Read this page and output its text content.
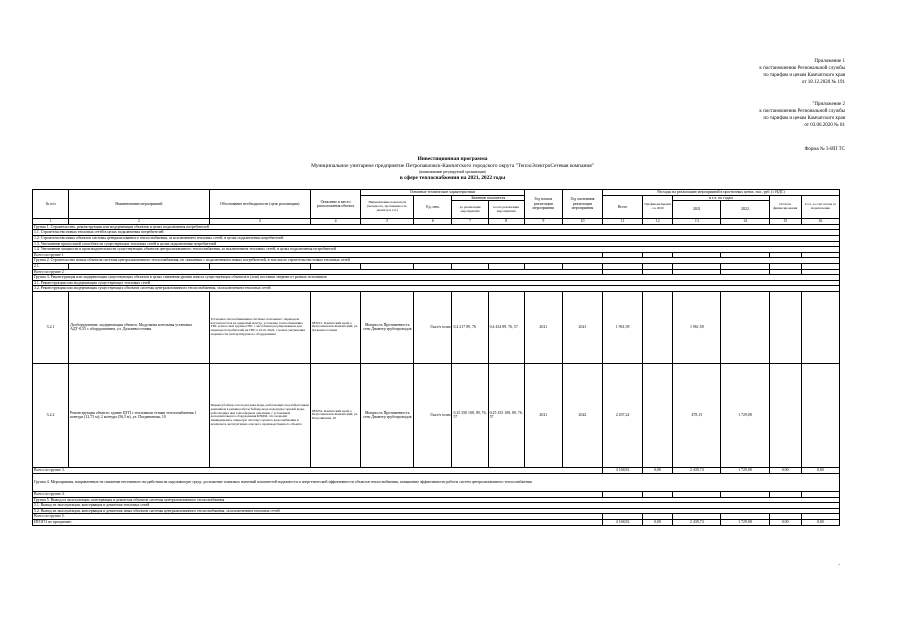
Приложение 1
к постановлению Региональной службы
по тарифам и ценам Камчатского края
от 18.12.2020 № 191
"Приложение 2
к постановлению Региональной службы
по тарифам и ценам Камчатского края
от 03.06.2020 № 81
Форма № 3-ИП ТС
Инвестиционная программа
Муниципальное унитарное предприятие Петропавловск-Камчатского городского округа "ТеплоЭлектроСетевая компания"
(наименование регулируемой организации)
в сфере теплоснабжения на 2021, 2022 годы
№ п/п	Наименование мероприятий	Обоснование необходимости (цель реализации)	Описание и место расположения объекта	Основные технические характеристики				Год начала реализации мероприятия	Год окончания реализации мероприятия	Расходы на реализацию мероприятий в прогнозных ценах, тыс. руб. (с НДС)					
				Наименование показателя (мощность, протяженность, диаметр и т.п.)	Ед. изм.	Значение показателя				Всего	Профинансировано к 2020	в т.ч. по годам		Остаток финансирования	в т.ч. за счет платы за подключение
						до реализации мероприятия	после реализации мероприятия					2021	2022		
1	2	3	4	5	6	7	8	9	10	11	12	13	14	15	16
Группа 1. Строительство, реконструкция или модернизация объектов в целях подключения потребителей															
1.1. Строительство новых тепловых сетей в целях подключения потребителей															
1.2. Строительство иных объектов системы централизованного теплоснабжения, за исключением тепловых сетей, в целях подключения потребителей															
1.3. Увеличение пропускной способности существующих тепловых сетей в целях подключения потребителей															
1.4. Увеличение мощности и производительности существующих объектов централизованного теплоснабжения, за исключением тепловых сетей, в целях подключения потребителей															
Всего по группе 1															
Группа 2. Строительство новых объектов системы централизованного теплоснабжения, не связанных с подключением новых потребителей, в том числе строительство новых тепловых сетей															
2.1.															
Всего по группе 2															
Группа 3. Реконструкция или модернизация существующих объектов в целях снижения уровня износа существующих объектов и (или) поставки энергии от разных источников															
3.1. Реконструкция или модернизация существующих тепловых сетей															
3.2. Реконструкция или модернизация существующих объектов системы централизованного теплоснабжения, за исключением тепловых сетей															
3.2.1	Дооборудование, модернизация объекта: Модульная котельная установка АДТ-0,55 с оборудованием, ул. Дальневосточная	Установка теплообменников системы отопления с переводом котлоагрегатов на закрытый контур, установка теплообменника ГВС и насосной группы ГВС с частотным регулированием для перевода потребителей на ГВС к 01.01.2022, с целью увеличения надежности эксплуатируемого оборудования	683015, Камчатский край, г. Петропавловск-Камчатский, ул. Дальневосточная	Мощность Протяженность сети Диаметр трубопроводов	Гкал/ч м мм	0,4 217 89, 76	0,4 434 89, 76, 57	2021	2021	1 961,58		1 961,58			
3.2.2	Реконструкция объекта: здание ЦТП с тепловыми сетями теплоснабжения 1 контура (12,75 м); 2 контура (56,5 м), ул. Пограничная, 10	Перевод бойлер-газа подогрева воды, работающих под избыточным давлением в режим работы бойлер-вода подогрева горячей воды, работающих при атмосферном давлении, с установкой дополнительного оборудования КНДМ, что позволит ликвидировать закрытую систему горячего водоснабжения и исключить эксплуатацию опасного производственного объекта	683032, Камчатский край, г. Петропавловск-Камчатский, ул. Пограничная, 10	Мощность Протяженность сети Диаметр трубопроводов	Гкал/ч м мм	0,25 350 108, 89, 76, 57	0,25 353 108, 89, 76, 57	2021	2022	2 207,24		478,15	1 729,08		
Всего по группе 3.										4 168,82	0,00	2 439,74	1 729,08	0,00	0,00
Группа 4. Мероприятия, направленные на снижение негативного воздействия на окружающую среду, достижение плановых значений показателей надежности и энергетической эффективности объектов теплоснабжения, повышение эффективности работы систем централизованного теплоснабжения															
Всего по группе 4.															
Группа 5. Вывод из эксплуатации, консервация и демонтаж объектов системы централизованного теплоснабжения															
5.1. Вывод из эксплуатации, консервация и демонтаж тепловых сетей															
5.2. Вывод из эксплуатации, консервация и демонтаж иных объектов системы централизованного теплоснабжения, за исключением тепловых сетей															
Всего по группе 5.															
ИТОГО по программе:										4 168,82	0,00	2 439,74	1 729,08	0,00	0,00
"
